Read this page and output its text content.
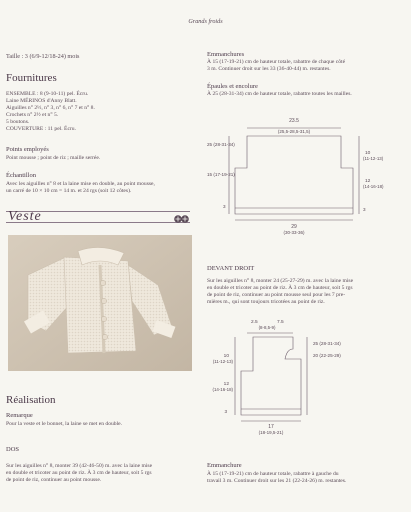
Grands froids
Taille : 3 (6/9-12/18-24) mois
Fournitures
ENSEMBLE : 8 (9-10-11) pel. Écru.
Laine MÉRINOS d'Anny Blatt.
Aiguilles n° 2½, n° 3, n° 6, n° 7 et n° 8.
Crochets n° 2½ et n° 5.
5 boutons.
COUVERTURE : 11 pel. Écru.
Points employés
Point mousse ; point de riz ; maille serrée.
Échantillon
Avec les aiguilles n° 8 et la laine mise en double, au point mousse,
un carré de 10 × 10 cm = 14 m. et 24 rgs (soit 12 côtes).
Veste
Réalisation
Remarque
Pour la veste et le bonnet, la laine se met en double.
DOS
Sur les aiguilles n° 8, monter 39 (42-46-50) m. avec la laine mise
en double et tricoter au point de riz. À 3 cm de hauteur, soit 5 rgs
de point de riz, continuer au point mousse.
Emmanchures
À 15 (17-19-21) cm de hauteur totale, rabattre de chaque côté
3 m. Continuer droit sur les 33 (36-40-44) m. restantes.
Épaules et encolure
À 25 (28-31-34) cm de hauteur totale, rabattre toutes les mailles.
23.5
(25,5-28,5-31,5)
25 (28-31-34)
15 (17-19-21)
3
10
(11-12-13)
12
(14-16-18)
3
29
(30-33-36)
DEVANT DROIT
Sur les aiguilles n° 8, monter 24 (25-27-29) m. avec la laine mise
en double et tricoter au point de riz. À 3 cm de hauteur, soit 5 rgs
de point de riz, continuer au point mousse seul pour les 7 pre-
mières m., qui sont toujours tricotées au point de riz.
2.5	7.5
(8-8,5-9)
25 (28-31-34)
20 (22-25-29)
10
(11-12-13)
12
(14-16-18)
3
17
(18-19,5-21)
Emmanchure
À 15 (17-19-21) cm de hauteur totale, rabattre à gauche du
travail 3 m. Continuer droit sur les 21 (22-24-26) m. restantes.
